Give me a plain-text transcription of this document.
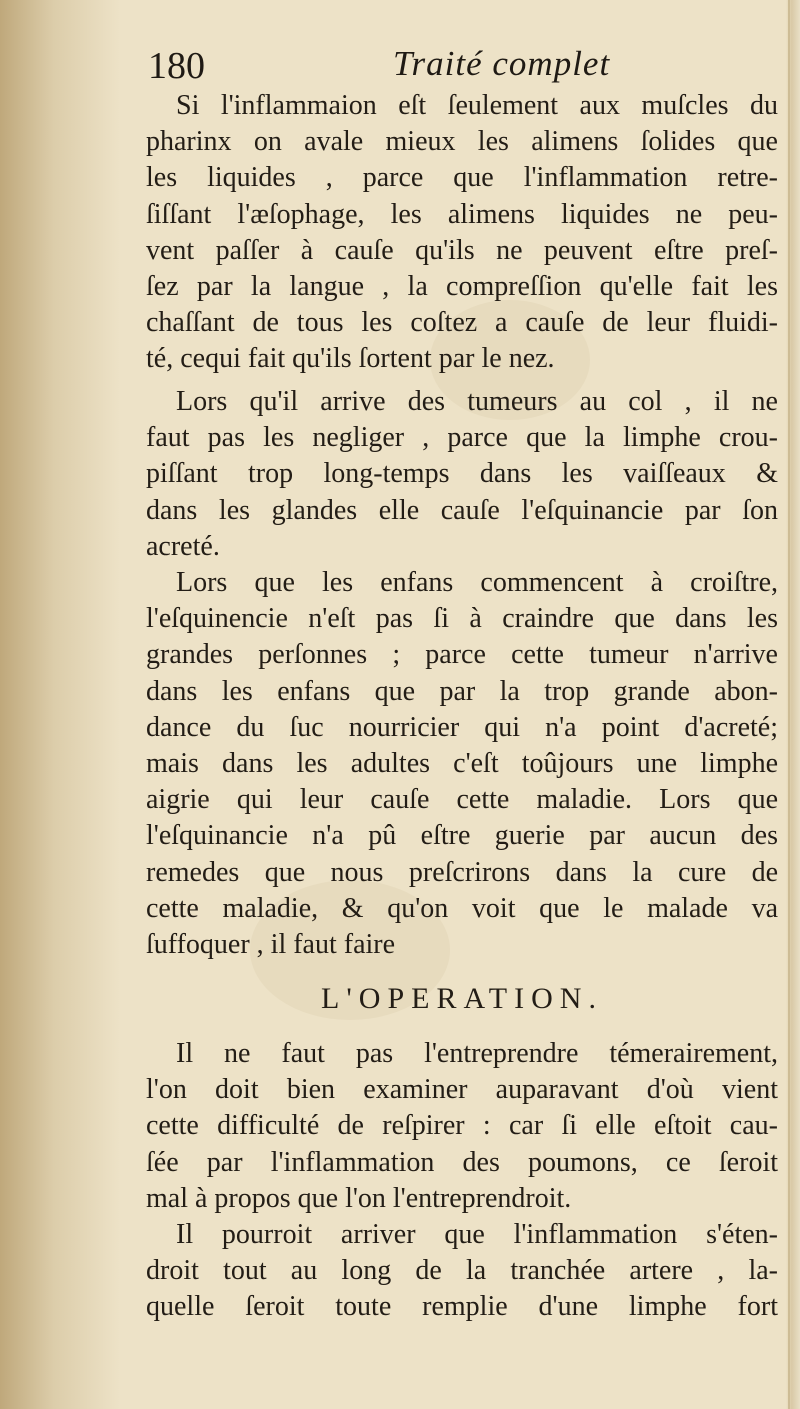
180	Traité complet
Si l'inflammaion eſt ſeulement aux muſcles du
pharinx on avale mieux les alimens ſolides que
les liquides , parce que l'inflammation retre-
ſiſſant l'æſophage, les alimens liquides ne peu-
vent paſſer à cauſe qu'ils ne peuvent eſtre preſ-
ſez par la langue , la compreſſion qu'elle fait les
chaſſant de tous les coſtez a cauſe de leur fluidi-
té, cequi fait qu'ils ſortent par le nez.
Lors qu'il arrive des tumeurs au col , il ne
faut pas les negliger , parce que la limphe crou-
piſſant trop long-temps dans les vaiſſeaux &
dans les glandes elle cauſe l'eſquinancie par ſon
acreté.
Lors que les enfans commencent à croiſtre,
l'eſquinencie n'eſt pas ſi à craindre que dans les
grandes perſonnes ; parce cette tumeur n'arrive
dans les enfans que par la trop grande abon-
dance du ſuc nourricier qui n'a point d'acreté;
mais dans les adultes c'eſt toûjours une limphe
aigrie qui leur cauſe cette maladie. Lors que
l'eſquinancie n'a pû eſtre guerie par aucun des
remedes que nous preſcrirons dans la cure de
cette maladie, & qu'on voit que le malade va
ſuffoquer , il faut faire
L'OPERATION.
Il ne faut pas l'entreprendre témerairement,
l'on doit bien examiner auparavant d'où vient
cette difficulté de reſpirer : car ſi elle eſtoit cau-
ſée par l'inflammation des poumons, ce ſeroit
mal à propos que l'on l'entreprendroit.
Il pourroit arriver que l'inflammation s'éten-
droit tout au long de la tranchée artere , la-
quelle ſeroit toute remplie d'une limphe fort
